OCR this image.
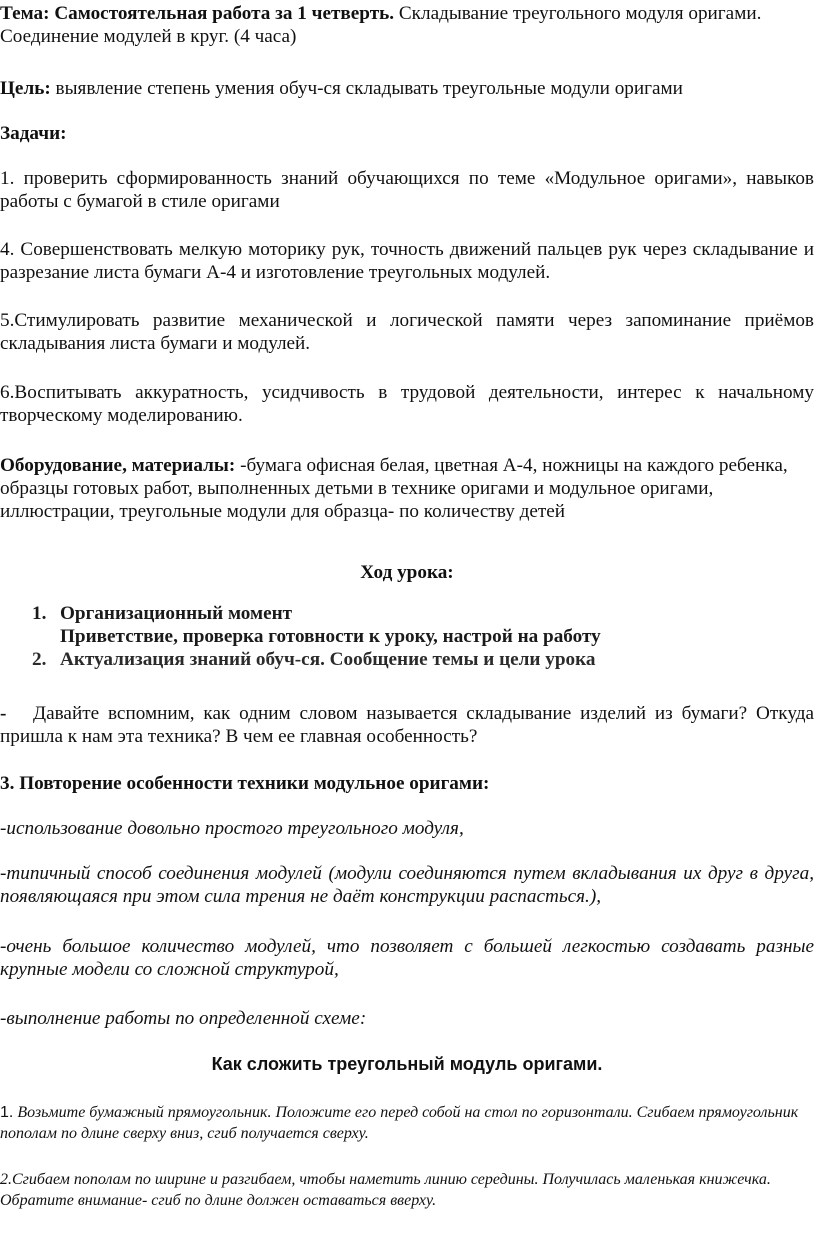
Тема: Самостоятельная работа за 1 четверть. Складывание треугольного модуля оригами. Соединение модулей в круг. (4 часа)

Цель: выявление степень умения обуч-ся складывать треугольные модули оригами

Задачи:

1. проверить сформированность знаний обучающихся по теме «Модульное оригами», навыков работы с бумагой в стиле оригами

4. Совершенствовать мелкую моторику рук, точность движений пальцев рук через складывание и разрезание листа бумаги А-4 и изготовление треугольных модулей.

5.Стимулировать развитие механической и логической памяти через запоминание приёмов складывания листа бумаги и модулей.

6.Воспитывать аккуратность, усидчивость в трудовой деятельности, интерес к начальному творческому моделированию.

Оборудование, материалы: -бумага офисная белая, цветная А-4, ножницы на каждого ребенка, образцы готовых работ, выполненных детьми в технике оригами и модульное оригами, иллюстрации, треугольные модули для образца- по количеству детей

Ход урока:

1. Организационный момент
Приветствие, проверка готовности к уроку, настрой на работу
2. Актуализация знаний обуч-ся. Сообщение темы и цели урока

- Давайте вспомним, как одним словом называется складывание изделий из бумаги? Откуда пришла к нам эта техника? В чем ее главная особенность?

3. Повторение особенности техники модульное оригами:

-использование довольно простого треугольного модуля,

-типичный способ соединения модулей (модули соединяются путем вкладывания их друг в друга, появляющаяся при этом сила трения не даёт конструкции распасться.),

-очень большое количество модулей, что позволяет с большей легкостью создавать разные крупные модели со сложной структурой,

-выполнение работы по определенной схеме:

Как сложить треугольный модуль оригами.

1. Возьмите бумажный прямоугольник. Положите его перед собой на стол по горизонтали. Сгибаем прямоугольник пополам по длине сверху вниз, сгиб получается сверху.

2.Сгибаем пополам по ширине и разгибаем, чтобы наметить линию середины. Получилась маленькая книжечка. Обратите внимание- сгиб по длине должен оставаться вверху.
